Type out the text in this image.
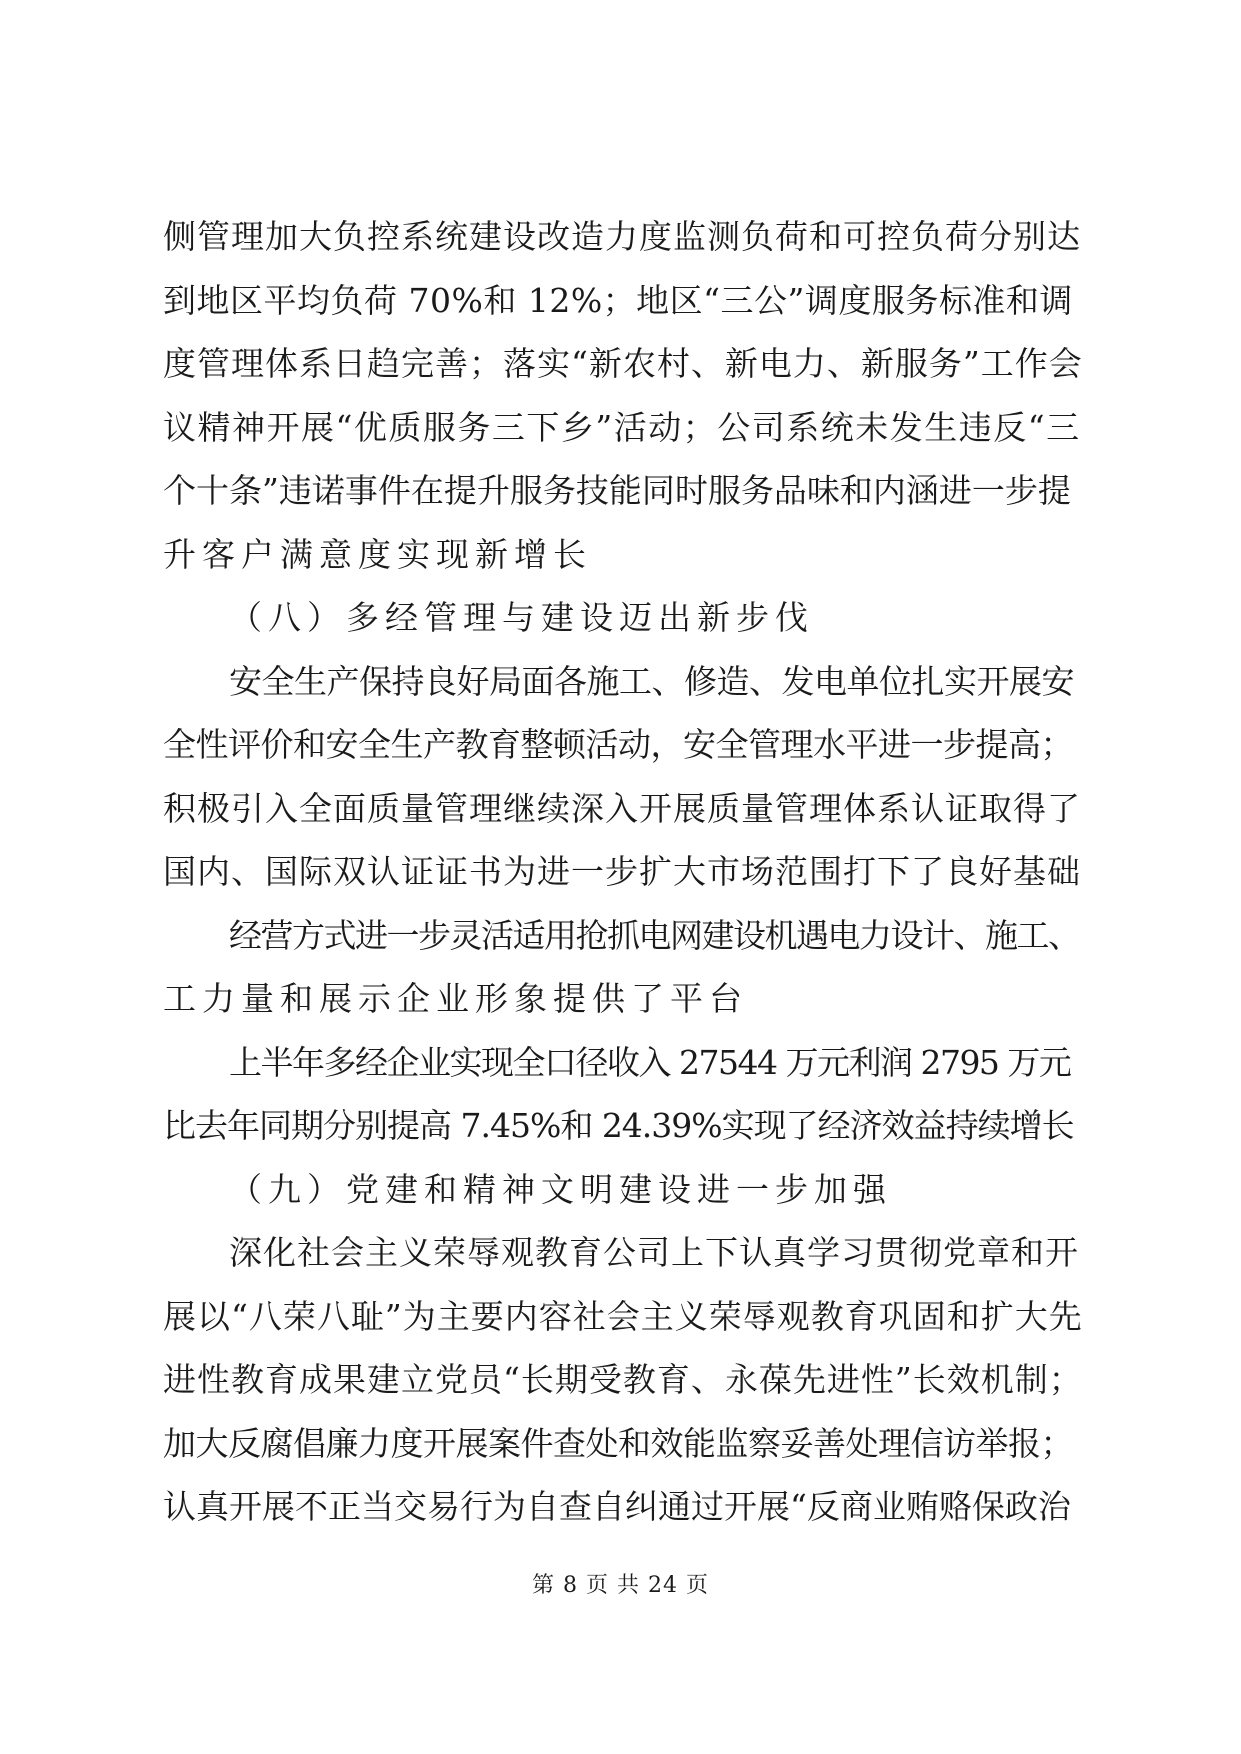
侧管理加大负控系统建设改造力度监测负荷和可控负荷分别达
到地区平均负荷 70%和 12%；地区“三公”调度服务标准和调
度管理体系日趋完善；落实“新农村、新电力、新服务”工作会
议精神开展“优质服务三下乡”活动；公司系统未发生违反“三
个十条”违诺事件在提升服务技能同时服务品味和内涵进一步提
升客户满意度实现新增长
（八）多经管理与建设迈出新步伐
安全生产保持良好局面各施工、修造、发电单位扎实开展安
全性评价和安全生产教育整顿活动，安全管理水平进一步提高；
积极引入全面质量管理继续深入开展质量管理体系认证取得了
国内、国际双认证证书为进一步扩大市场范围打下了良好基础
经营方式进一步灵活适用抢抓电网建设机遇电力设计、施工、
工力量和展示企业形象提供了平台
上半年多经企业实现全口径收入 27544 万元利润 2795 万元
比去年同期分别提高 7.45%和 24.39%实现了经济效益持续增长
（九）党建和精神文明建设进一步加强
深化社会主义荣辱观教育公司上下认真学习贯彻党章和开
展以“八荣八耻”为主要内容社会主义荣辱观教育巩固和扩大先
进性教育成果建立党员“长期受教育、永葆先进性”长效机制；
加大反腐倡廉力度开展案件查处和效能监察妥善处理信访举报；
认真开展不正当交易行为自查自纠通过开展“反商业贿赂保政治
第 8 页 共 24 页
